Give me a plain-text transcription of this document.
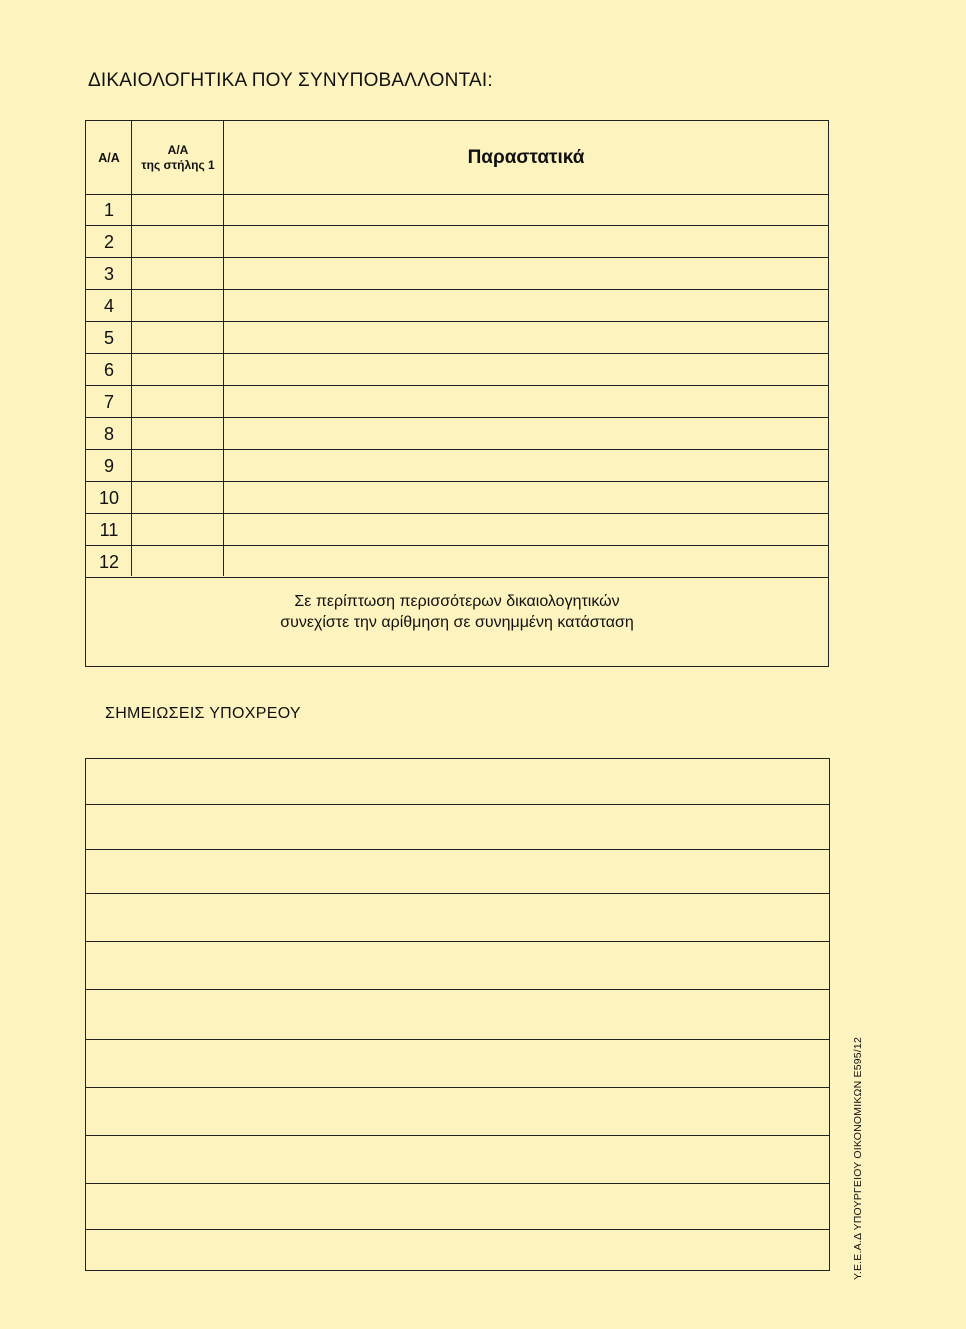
ΔΙΚΑΙΟΛΟΓΗΤΙΚΑ ΠΟΥ ΣΥΝΥΠΟΒΑΛΛΟΝΤΑΙ:
Α/Α
Α/Α
της στήλης 1	Παραστατικά
1
2
3
4
5
6
7
8
9
10
11
12
Σε περίπτωση περισσότερων δικαιολογητικών
συνεχίστε την αρίθμηση σε συνημμένη κατάσταση
ΣΗΜΕΙΩΣΕΙΣ ΥΠΟΧΡΕΟΥ
Υ.Ε.Ε.Α.Δ ΥΠΟΥΡΓΕΙΟΥ ΟΙΚΟΝΟΜΙΚΩΝ Ε595/12
